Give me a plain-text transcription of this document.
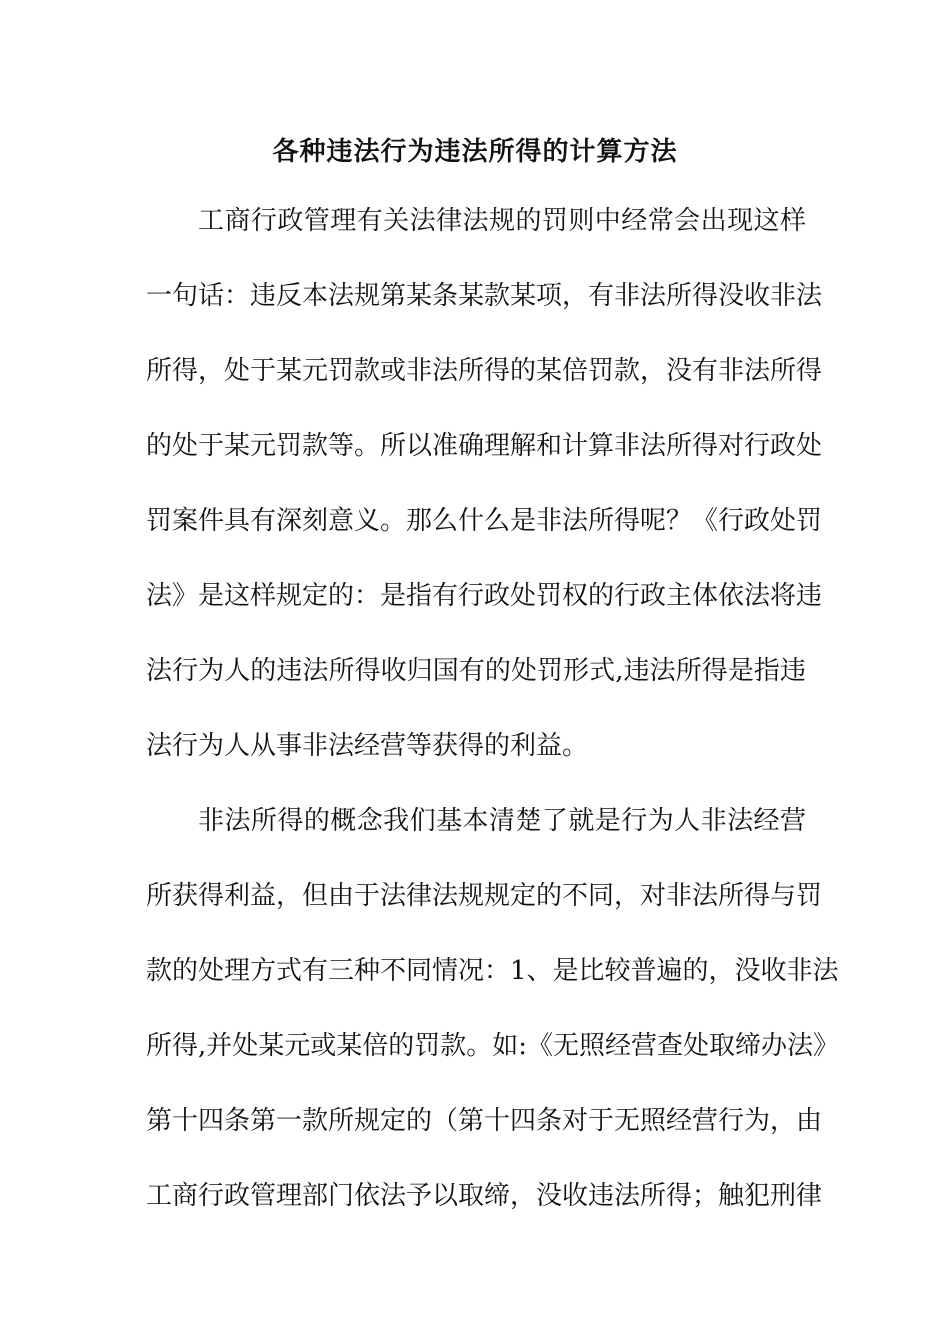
各种违法行为违法所得的计算方法
工商行政管理有关法律法规的罚则中经常会出现这样
一句话：违反本法规第某条某款某项，有非法所得没收非法
所得，处于某元罚款或非法所得的某倍罚款，没有非法所得
的处于某元罚款等。所以准确理解和计算非法所得对行政处
罚案件具有深刻意义。那么什么是非法所得呢？《行政处罚
法》是这样规定的：是指有行政处罚权的行政主体依法将违
法行为人的违法所得收归国有的处罚形式,违法所得是指违
法行为人从事非法经营等获得的利益。
非法所得的概念我们基本清楚了就是行为人非法经营
所获得利益，但由于法律法规规定的不同，对非法所得与罚
款的处理方式有三种不同情况：1、是比较普遍的，没收非法
所得,并处某元或某倍的罚款。如:《无照经营查处取缔办法》
第十四条第一款所规定的（第十四条对于无照经营行为，由
工商行政管理部门依法予以取缔，没收违法所得；触犯刑律
